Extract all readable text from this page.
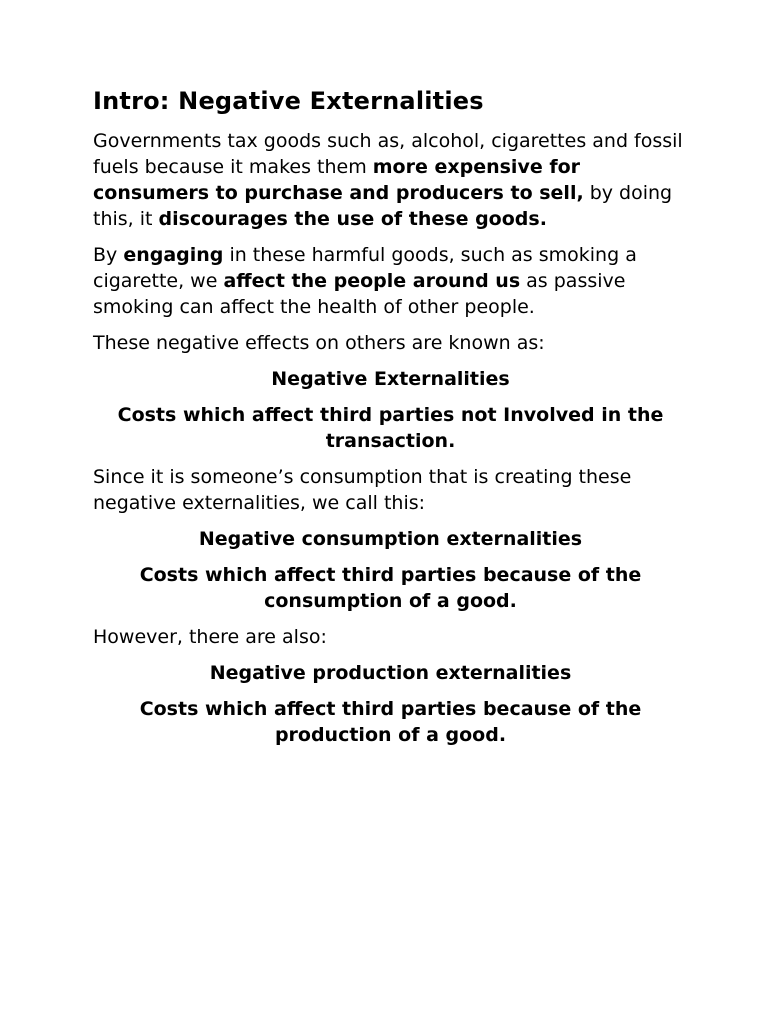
Intro: Negative Externalities

Governments tax goods such as, alcohol, cigarettes and fossil fuels because it makes them more expensive for consumers to purchase and producers to sell, by doing this, it discourages the use of these goods.

By engaging in these harmful goods, such as smoking a cigarette, we affect the people around us as passive smoking can affect the health of other people.

These negative effects on others are known as:

Negative Externalities

Costs which affect third parties not Involved in the transaction.

Since it is someone’s consumption that is creating these negative externalities, we call this:

Negative consumption externalities

Costs which affect third parties because of the consumption of a good.

However, there are also:

Negative production externalities

Costs which affect third parties because of the production of a good.
